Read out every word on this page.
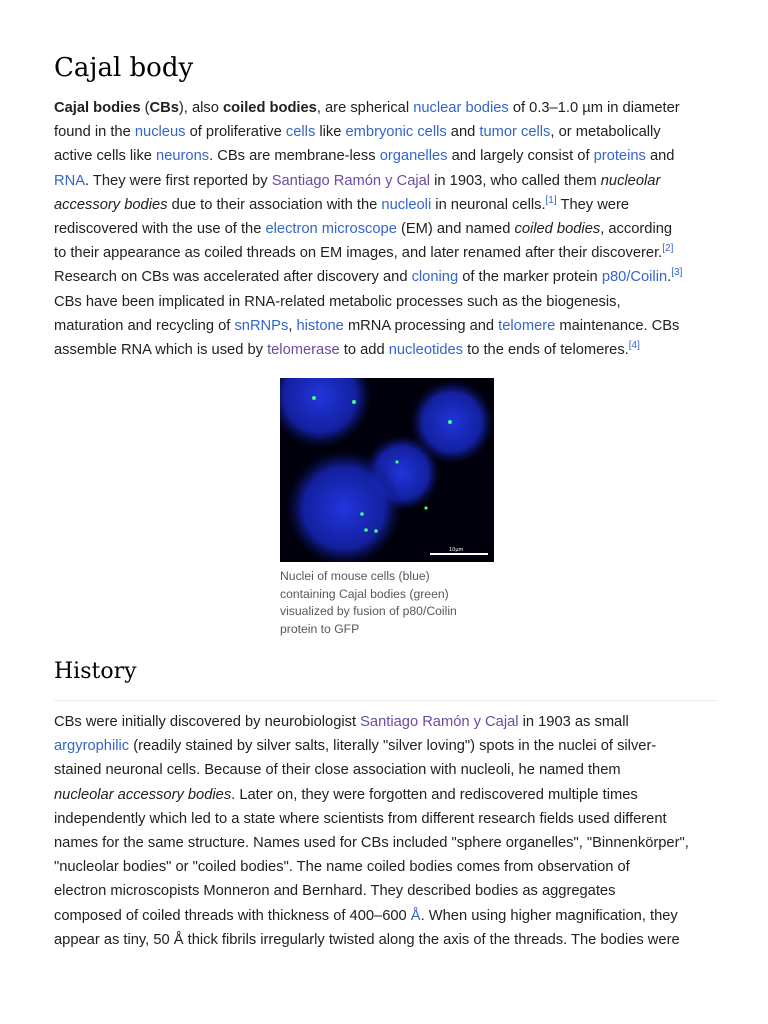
Cajal body
Cajal bodies (CBs), also coiled bodies, are spherical nuclear bodies of 0.3–1.0 µm in diameter
found in the nucleus of proliferative cells like embryonic cells and tumor cells, or metabolically
active cells like neurons. CBs are membrane-less organelles and largely consist of proteins and
RNA. They were first reported by Santiago Ramón y Cajal in 1903, who called them nucleolar
accessory bodies due to their association with the nucleoli in neuronal cells.[1] They were
rediscovered with the use of the electron microscope (EM) and named coiled bodies, according
to their appearance as coiled threads on EM images, and later renamed after their discoverer.[2]
Research on CBs was accelerated after discovery and cloning of the marker protein p80/Coilin.[3]
CBs have been implicated in RNA-related metabolic processes such as the biogenesis,
maturation and recycling of snRNPs, histone mRNA processing and telomere maintenance. CBs
assemble RNA which is used by telomerase to add nucleotides to the ends of telomeres.[4]
10µm
Nuclei of mouse cells (blue)
containing Cajal bodies (green)
visualized by fusion of p80/Coilin
protein to GFP
History
CBs were initially discovered by neurobiologist Santiago Ramón y Cajal in 1903 as small
argyrophilic (readily stained by silver salts, literally "silver loving") spots in the nuclei of silver-
stained neuronal cells. Because of their close association with nucleoli, he named them
nucleolar accessory bodies. Later on, they were forgotten and rediscovered multiple times
independently which led to a state where scientists from different research fields used different
names for the same structure. Names used for CBs included "sphere organelles", "Binnenkörper",
"nucleolar bodies" or "coiled bodies". The name coiled bodies comes from observation of
electron microscopists Monneron and Bernhard. They described bodies as aggregates
composed of coiled threads with thickness of 400–600 Å. When using higher magnification, they
appear as tiny, 50 Å thick fibrils irregularly twisted along the axis of the threads. The bodies were
